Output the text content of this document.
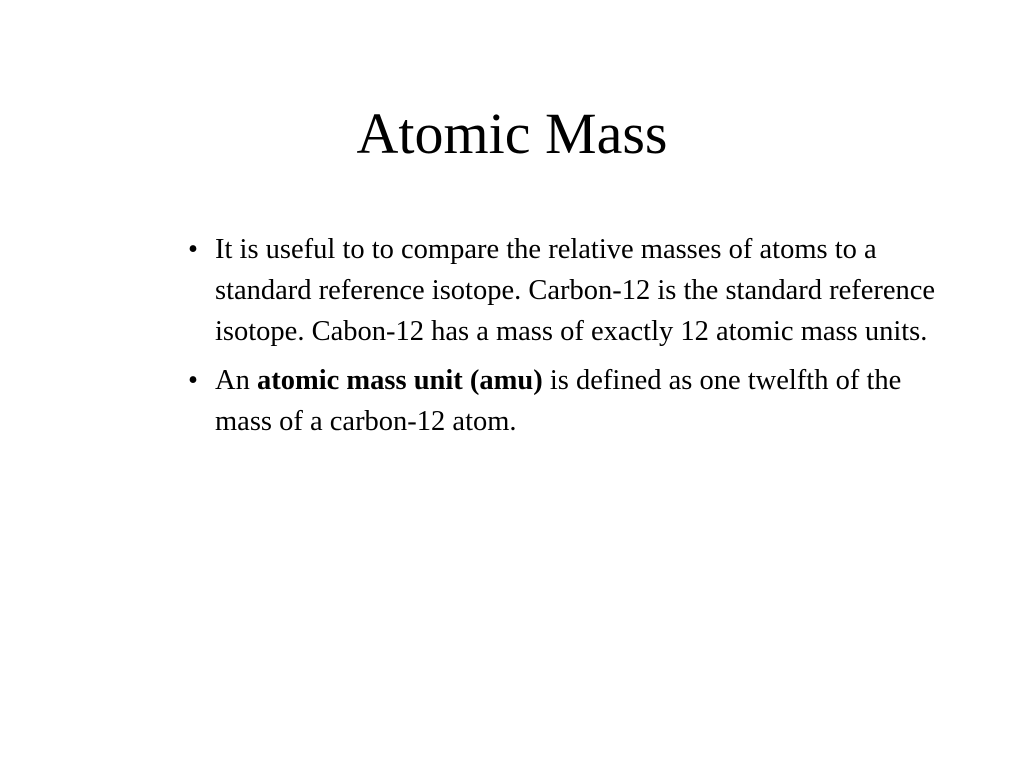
Atomic Mass
• It is useful to to compare the relative masses of atoms to a standard reference isotope. Carbon-12 is the standard reference isotope. Cabon-12 has a mass of exactly 12 atomic mass units.
• An atomic mass unit (amu) is defined as one twelfth of the mass of a carbon-12 atom.
